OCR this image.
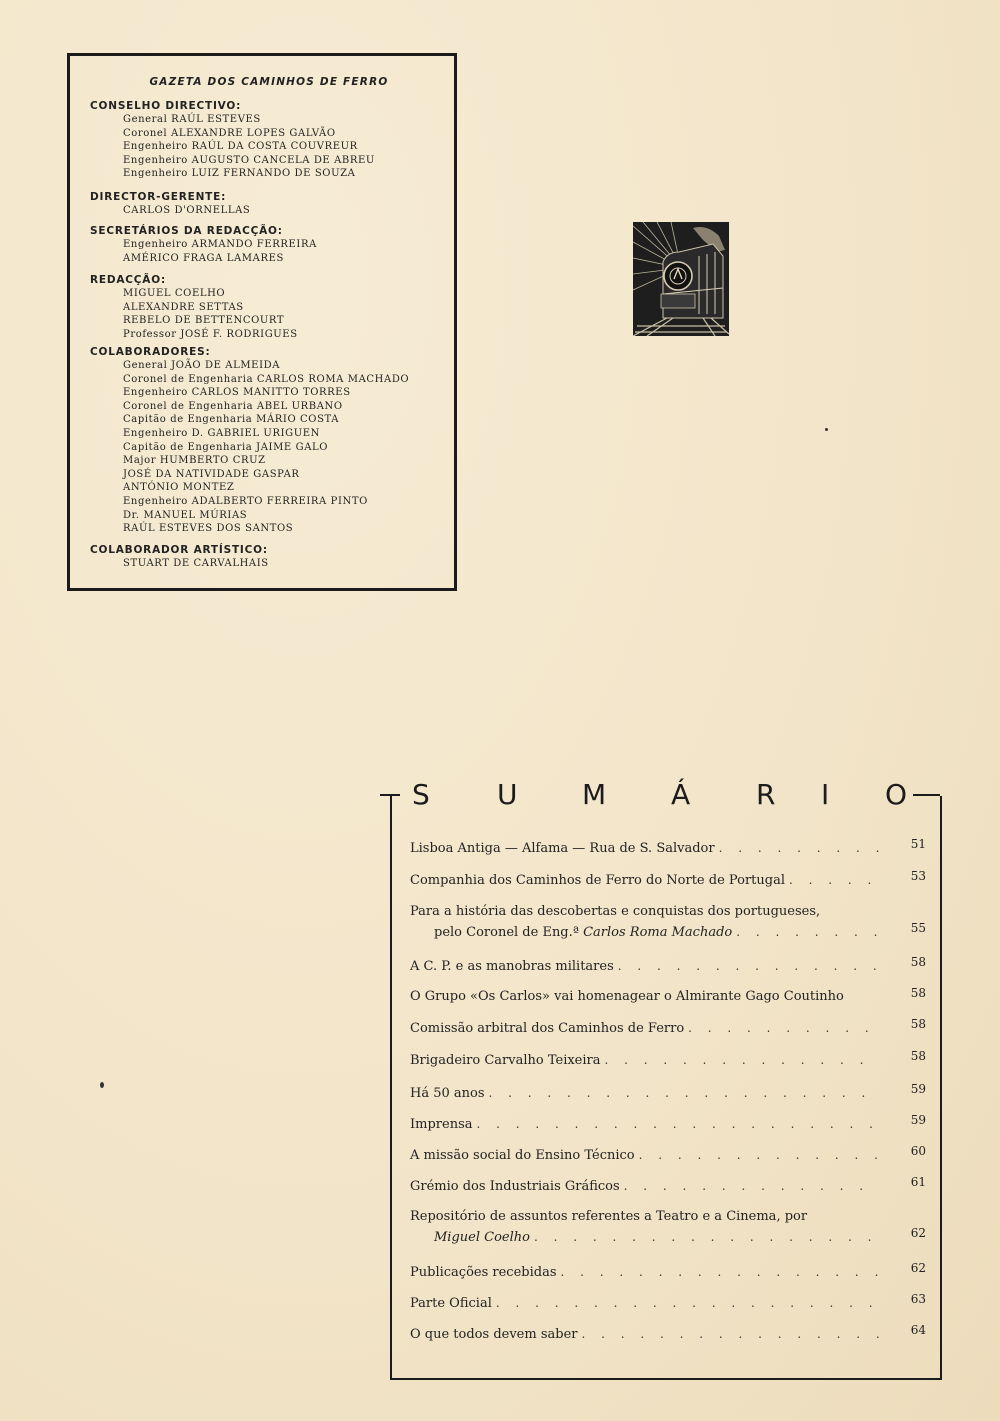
GAZETA DOS CAMINHOS DE FERRO
CONSELHO DIRECTIVO:
General RAÚL ESTEVES
Coronel ALEXANDRE LOPES GALVÃO
Engenheiro RAÚL DA COSTA COUVREUR
Engenheiro AUGUSTO CANCELA DE ABREU
Engenheiro LUIZ FERNANDO DE SOUZA
DIRECTOR-GERENTE:
CARLOS D'ORNELLAS
SECRETÁRIOS DA REDACÇÃO:
Engenheiro ARMANDO FERREIRA
AMÉRICO FRAGA LAMARES
REDACÇÃO:
MIGUEL COELHO
ALEXANDRE SETTAS
REBELO DE BETTENCOURT
Professor JOSÉ F. RODRIGUES
COLABORADORES:
General JOÃO DE ALMEIDA
Coronel de Engenharia CARLOS ROMA MACHADO
Engenheiro CARLOS MANITTO TORRES
Coronel de Engenharia ABEL URBANO
Capitão de Engenharia MÁRIO COSTA
Engenheiro D. GABRIEL URIGUEN
Capitão de Engenharia JAIME GALO
Major HUMBERTO CRUZ
JOSÉ DA NATIVIDADE GASPAR
ANTÓNIO MONTEZ
Engenheiro ADALBERTO FERREIRA PINTO
Dr. MANUEL MÚRIAS
RAÚL ESTEVES DOS SANTOS
COLABORADOR ARTÍSTICO:
STUART DE CARVALHAIS
S U M Á R I O
Lisboa Antiga — Alfama — Rua de S. Salvador . . .	51
Companhia dos Caminhos de Ferro do Norte de Portugal . . .	53
Para a história das descobertas e conquistas dos portugueses,
pelo Coronel de Eng.ª
Carlos Roma Machado . . .	55
A C. P. e as manobras militares . . .	58
O Grupo «Os Carlos» vai homenagear o Almirante Gago Coutinho	58
Comissão arbitral dos Caminhos de Ferro . . .	58
Brigadeiro Carvalho Teixeira . . .	58
Há 50 anos . . .	59
Imprensa . . .	59
A missão social do Ensino Técnico . . .	60
Grémio dos Industriais Gráficos . . .	61
Repositório de assuntos referentes a Teatro e a Cinema, por
Miguel Coelho . . .	62
Publicações recebidas . . .	62
Parte Oficial . . .	63
O que todos devem saber . . .	64
